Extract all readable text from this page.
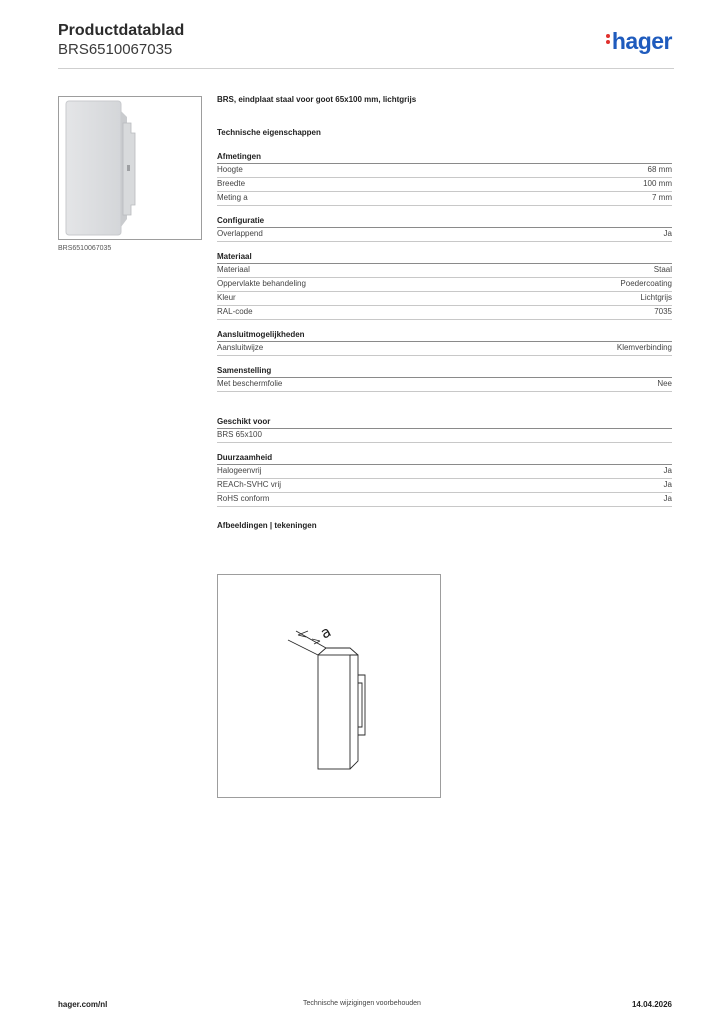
Productdatablad
BRS6510067035	hager
BRS6510067035
BRS, eindplaat staal voor goot 65x100 mm, lichtgrijs
Technische eigenschappen
Afmetingen
Hoogte	68 mm
Breedte	100 mm
Meting a	7 mm
Configuratie
Overlappend	Ja
Materiaal
Materiaal	Staal
Oppervlakte behandeling	Poedercoating
Kleur	Lichtgrijs
RAL-code	7035
Aansluitmogelijkheden
Aansluitwijze	Klemverbinding
Samenstelling
Met beschermfolie	Nee
Geschikt voor
BRS 65x100
Duurzaamheid
Halogeenvrij	Ja
REACh-SVHC vrij	Ja
RoHS conform	Ja
Afbeeldingen | tekeningen
a
hager.com/nl	Technische wijzigingen voorbehouden	14.04.2026
